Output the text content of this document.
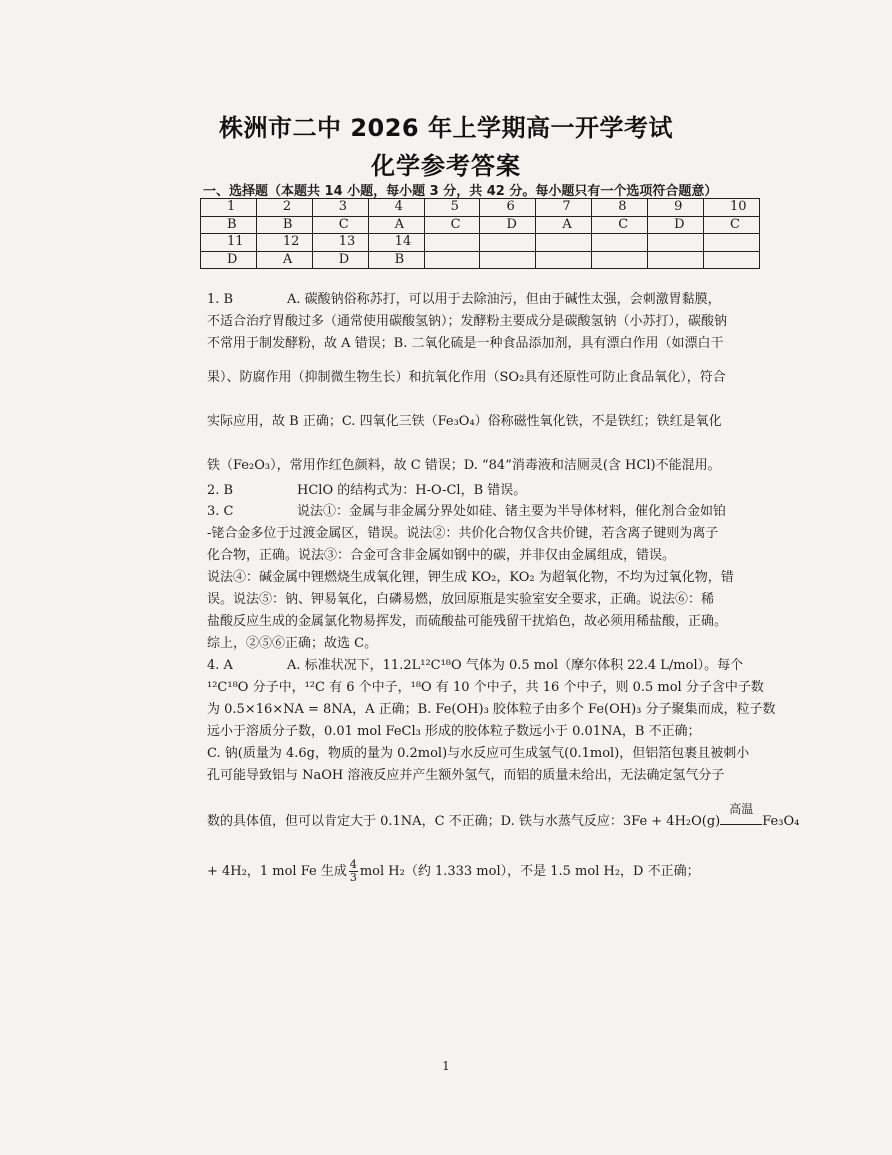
株洲市二中 2026 年上学期高一开学考试
化学参考答案
一、选择题（本题共 14 小题，每小题 3 分，共 42 分。每小题只有一个选项符合题意）
1	2	3	4	5	6	7	8	9	10
B	B	C	A	C	D	A	C	D	C
11	12	13	14						
D	A	D	B						

1. B	A. 碳酸钠俗称苏打，可以用于去除油污，但由于碱性太强，会刺激胃黏膜，

不适合治疗胃酸过多（通常使用碳酸氢钠）；发酵粉主要成分是碳酸氢钠（小苏打），碳酸钠

不常用于制发酵粉，故 A 错误；B. 二氧化硫是一种食品添加剂，具有漂白作用（如漂白干

果）、防腐作用（抑制微生物生长）和抗氧化作用（SO₂具有还原性可防止食品氧化），符合

实际应用，故 B 正确；C. 四氧化三铁（Fe₃O₄）俗称磁性氧化铁，不是铁红；铁红是氧化

铁（Fe₂O₃），常用作红色颜料，故 C 错误；D. “84”消毒液和洁厕灵(含 HCl)不能混用。

2. B	HClO 的结构式为：H-O-Cl，B 错误。

3. C	说法①：金属与非金属分界处如硅、锗主要为半导体材料，催化剂合金如铂

-铑合金多位于过渡金属区，错误。说法②：共价化合物仅含共价键，若含离子键则为离子

化合物，正确。说法③：合金可含非金属如钢中的碳，并非仅由金属组成，错误。

说法④：碱金属中锂燃烧生成氧化锂，钾生成 KO₂，KO₂ 为超氧化物，不均为过氧化物，错

误。说法⑤：钠、钾易氧化，白磷易燃，放回原瓶是实验室安全要求，正确。说法⑥：稀

盐酸反应生成的金属氯化物易挥发，而硫酸盐可能残留干扰焰色，故必须用稀盐酸，正确。

综上，②⑤⑥正确；故选 C。

4. A	A. 标准状况下，11.2L¹²C¹⁸O 气体为 0.5 mol（摩尔体积 22.4 L/mol）。每个

¹²C¹⁸O 分子中，¹²C 有 6 个中子，¹⁸O 有 10 个中子，共 16 个中子，则 0.5 mol 分子含中子数

为 0.5×16×NA = 8NA，A 正确；B. Fe(OH)₃ 胶体粒子由多个 Fe(OH)₃ 分子聚集而成，粒子数

远小于溶质分子数，0.01 mol FeCl₃ 形成的胶体粒子数远小于 0.01NA，B 不正确；

C. 钠(质量为 4.6g，物质的量为 0.2mol)与水反应可生成氢气(0.1mol)，但铝箔包裹且被刺小

孔可能导致铝与 NaOH 溶液反应并产生额外氢气，而铝的质量未给出，无法确定氢气分子

数的具体值，但可以肯定大于 0.1NA，C 不正确；D. 铁与水蒸气反应：3Fe + 4H₂O(g)
高温
Fe₃O₄

+ 4H₂，1 mol Fe 生成 $\frac{4}{3}$ mol H₂（约 1.333 mol），不是 1.5 mol H₂，D 不正确；

1
